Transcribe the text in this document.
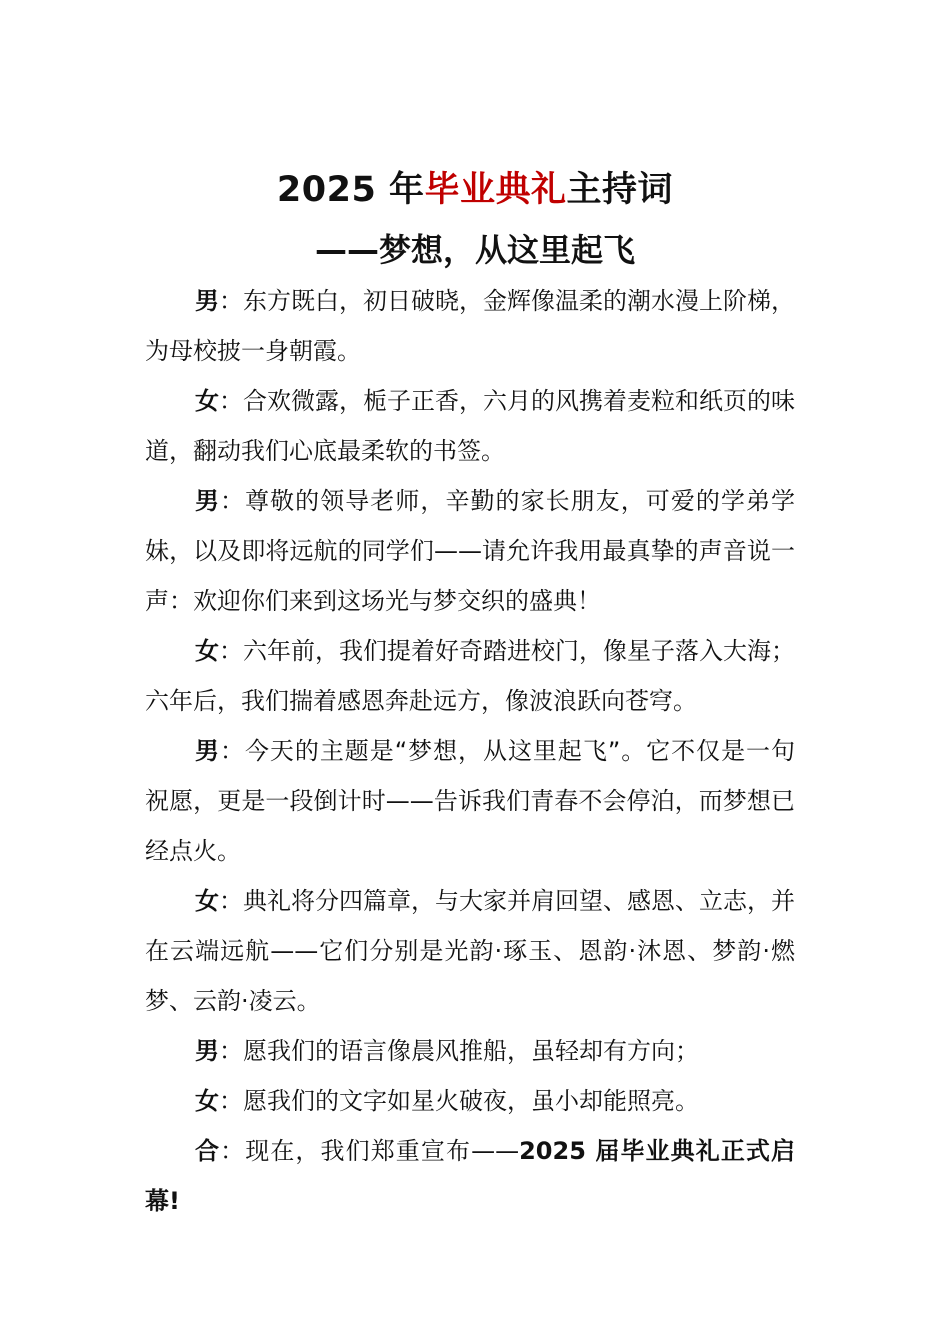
2025 年毕业典礼主持词
——梦想，从这里起飞

男：东方既白，初日破晓，金辉像温柔的潮水漫上阶梯，为母校披一身朝霞。

女：合欢微露，栀子正香，六月的风携着麦粒和纸页的味道，翻动我们心底最柔软的书签。

男：尊敬的领导老师，辛勤的家长朋友，可爱的学弟学妹，以及即将远航的同学们——请允许我用最真挚的声音说一声：欢迎你们来到这场光与梦交织的盛典！

女：六年前，我们提着好奇踏进校门，像星子落入大海；六年后，我们揣着感恩奔赴远方，像波浪跃向苍穹。

男：今天的主题是“梦想，从这里起飞”。它不仅是一句祝愿，更是一段倒计时——告诉我们青春不会停泊，而梦想已经点火。

女：典礼将分四篇章，与大家并肩回望、感恩、立志，并在云端远航——它们分别是光韵·琢玉、恩韵·沐恩、梦韵·燃梦、云韵·凌云。

男：愿我们的语言像晨风推船，虽轻却有方向；

女：愿我们的文字如星火破夜，虽小却能照亮。

合：现在，我们郑重宣布——2025 届毕业典礼正式启幕!
